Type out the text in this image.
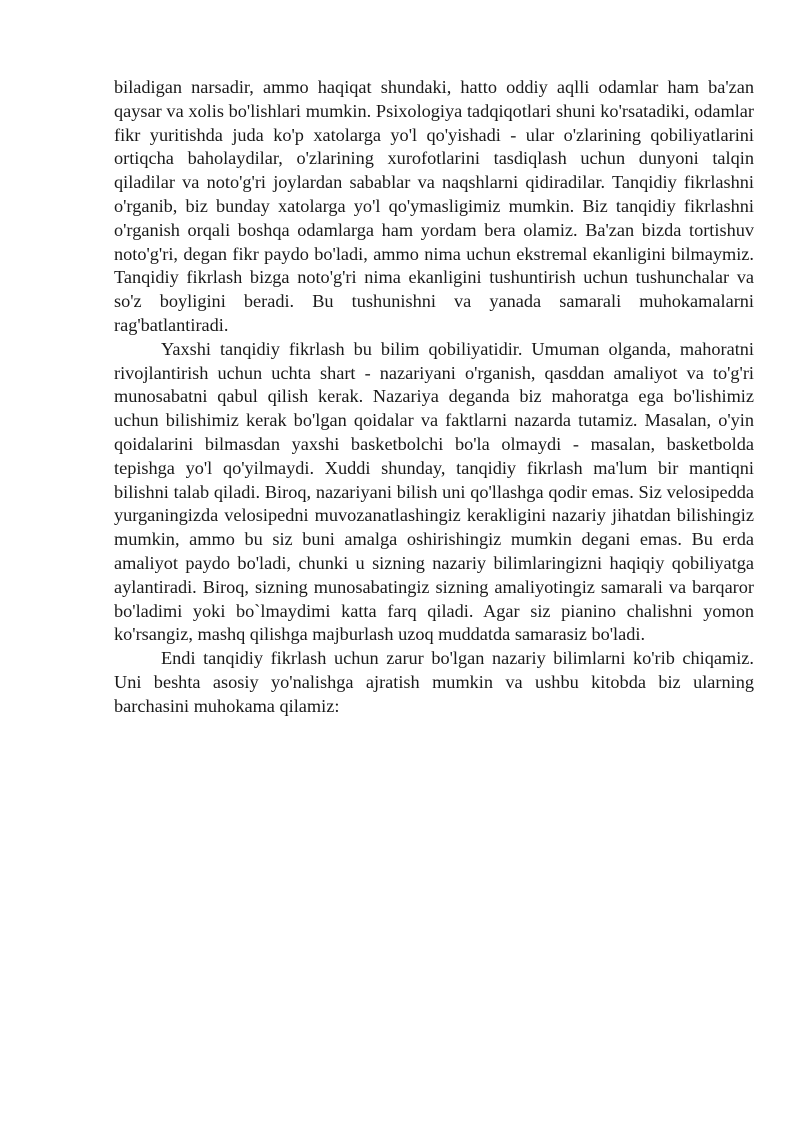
biladigan narsadir, ammo haqiqat shundaki, hatto oddiy aqlli odamlar ham ba'zan qaysar va xolis bo'lishlari mumkin. Psixologiya tadqiqotlari shuni ko'rsatadiki, odamlar fikr yuritishda juda ko'p xatolarga yo'l qo'yishadi - ular o'zlarining qobiliyatlarini ortiqcha baholaydilar, o'zlarining xurofotlarini tasdiqlash uchun dunyoni talqin qiladilar va noto'g'ri joylardan sabablar va naqshlarni qidiradilar. Tanqidiy fikrlashni o'rganib, biz bunday xatolarga yo'l qo'ymasligimiz mumkin. Biz tanqidiy fikrlashni o'rganish orqali boshqa odamlarga ham yordam bera olamiz. Ba'zan bizda tortishuv noto'g'ri, degan fikr paydo bo'ladi, ammo nima uchun ekstremal ekanligini bilmaymiz. Tanqidiy fikrlash bizga noto'g'ri nima ekanligini tushuntirish uchun tushunchalar va so'z boyligini beradi. Bu tushunishni va yanada samarali muhokamalarni rag'batlantiradi.

Yaxshi tanqidiy fikrlash bu bilim qobiliyatidir. Umuman olganda, mahoratni rivojlantirish uchun uchta shart - nazariyani o'rganish, qasddan amaliyot va to'g'ri munosabatni qabul qilish kerak. Nazariya deganda biz mahoratga ega bo'lishimiz uchun bilishimiz kerak bo'lgan qoidalar va faktlarni nazarda tutamiz. Masalan, o'yin qoidalarini bilmasdan yaxshi basketbolchi bo'la olmaydi - masalan, basketbolda tepishga yo'l qo'yilmaydi. Xuddi shunday, tanqidiy fikrlash ma'lum bir mantiqni bilishni talab qiladi. Biroq, nazariyani bilish uni qo'llashga qodir emas. Siz velosipedda yurganingizda velosipedni muvozanatlashingiz kerakligini nazariy jihatdan bilishingiz mumkin, ammo bu siz buni amalga oshirishingiz mumkin degani emas. Bu erda amaliyot paydo bo'ladi, chunki u sizning nazariy bilimlaringizni haqiqiy qobiliyatga aylantiradi. Biroq, sizning munosabatingiz sizning amaliyotingiz samarali va barqaror bo'ladimi yoki bo`lmaydimi katta farq qiladi. Agar siz pianino chalishni yomon ko'rsangiz, mashq qilishga majburlash uzoq muddatda samarasiz bo'ladi.

Endi tanqidiy fikrlash uchun zarur bo'lgan nazariy bilimlarni ko'rib chiqamiz. Uni beshta asosiy yo'nalishga ajratish mumkin va ushbu kitobda biz ularning barchasini muhokama qilamiz:
